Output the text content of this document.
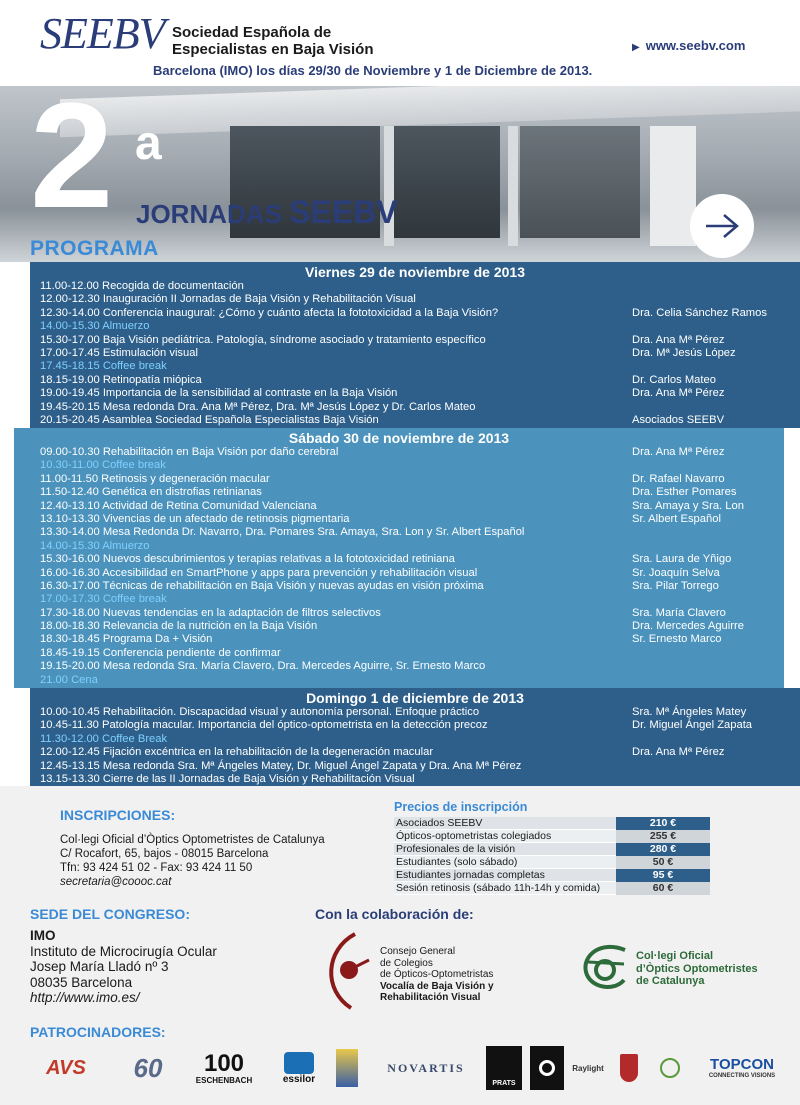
SEEBV Sociedad Española de
Especialistas en Baja Visión	▶ www.seebv.com
Barcelona (IMO) los días 29/30 de Noviembre y 1 de Diciembre de 2013.
2 a
JORNADAS SEEBV
PROGRAMA
Viernes 29 de noviembre de 2013
11.00-12.00 Recogida de documentación
12.00-12.30 Inauguración II Jornadas de Baja Visión y Rehabilitación Visual
12.30-14.00 Conferencia inaugural: ¿Cómo y cuánto afecta la fototoxicidad a la Baja Visión?	Dra. Celia Sánchez Ramos
14.00-15.30 Almuerzo
15.30-17.00 Baja Visión pediátrica. Patología, síndrome asociado y tratamiento específico	Dra. Ana Mª Pérez
17.00-17.45 Estimulación visual	Dra. Mª Jesús López
17.45-18.15 Coffee break
18.15-19.00 Retinopatía miópica	Dr. Carlos Mateo
19.00-19.45 Importancia de la sensibilidad al contraste en la Baja Visión	Dra. Ana Mª Pérez
19.45-20.15 Mesa redonda Dra. Ana Mª Pérez, Dra. Mª Jesús López y Dr. Carlos Mateo
20.15-20.45 Asamblea Sociedad Española Especialistas Baja Visión	Asociados SEEBV
Sábado 30 de noviembre de 2013
09.00-10.30 Rehabilitación en Baja Visión por daño cerebral	Dra. Ana Mª Pérez
10.30-11.00 Coffee break
11.00-11.50 Retinosis y degeneración macular	Dr. Rafael Navarro
11.50-12.40 Genética en distrofias retinianas	Dra. Esther Pomares
12.40-13.10 Actividad de Retina Comunidad Valenciana	Sra. Amaya y Sra. Lon
13.10-13.30 Vivencias de un afectado de retinosis pigmentaria	Sr. Albert Español
13.30-14.00 Mesa Redonda Dr. Navarro, Dra. Pomares Sra. Amaya, Sra. Lon y Sr. Albert Español
14.00-15.30 Almuerzo
15.30-16.00 Nuevos descubrimientos y terapias relativas a la fototoxicidad retiniana	Sra. Laura de Yñigo
16.00-16.30 Accesibilidad en SmartPhone y apps para prevención y rehabilitación visual	Sr. Joaquín Selva
16.30-17.00 Técnicas de rehabilitación en Baja Visión y nuevas ayudas en visión próxima	Sra. Pilar Torrego
17.00-17.30 Coffee break
17.30-18.00 Nuevas tendencias en la adaptación de filtros selectivos	Sra. María Clavero
18.00-18.30 Relevancia de la nutrición en la Baja Visión	Dra. Mercedes Aguirre
18.30-18.45 Programa Da + Visión	Sr. Ernesto Marco
18.45-19.15 Conferencia pendiente de confirmar
19.15-20.00 Mesa redonda Sra. María Clavero, Dra. Mercedes Aguirre, Sr. Ernesto Marco
21.00 Cena
Domingo 1 de diciembre de 2013
10.00-10.45 Rehabilitación. Discapacidad visual y autonomía personal. Enfoque práctico	Sra. Mª Ángeles Matey
10.45-11.30 Patología macular. Importancia del óptico-optometrista en la detección precoz	Dr. Miguel Ángel Zapata
11.30-12.00 Coffee Break
12.00-12.45 Fijación excéntrica en la rehabilitación de la degeneración macular	Dra. Ana Mª Pérez
12.45-13.15 Mesa redonda Sra. Mª Ángeles Matey, Dr. Miguel Ángel Zapata y Dra. Ana Mª Pérez
13.15-13.30 Cierre de las II Jornadas de Baja Visión y Rehabilitación Visual
INSCRIPCIONES:
Col·legi Oficial d’Òptics Optometristes de Catalunya
C/ Rocafort, 65, bajos - 08015 Barcelona
Tfn: 93 424 51 02 - Fax: 93 424 11 50
secretaria@coooc.cat
Precios de inscripción
Asociados SEEBV	210 €
Ópticos-optometristas colegiados	255 €
Profesionales de la visión	280 €
Estudiantes (solo sábado)	50 €
Estudiantes jornadas completas	95 €
Sesión retinosis (sábado 11h-14h y comida)	60 €
SEDE DEL CONGRESO:
IMO
Instituto de Microcirugía Ocular
Josep María Lladó nº 3
08035 Barcelona
http://www.imo.es/
Con la colaboración de:
Consejo General
de Colegios
de Ópticos-Optometristas
Vocalía de Baja Visión y
Rehabilitación Visual
Col·legi Oficial
d’Òptics Optometristes
de Catalunya
PATROCINADORES:
AVS 60 100
ESCHENBACH	essilor
NOVARTIS
PRATS
Raylight	TOPCON
CONNECTING VISIONS
